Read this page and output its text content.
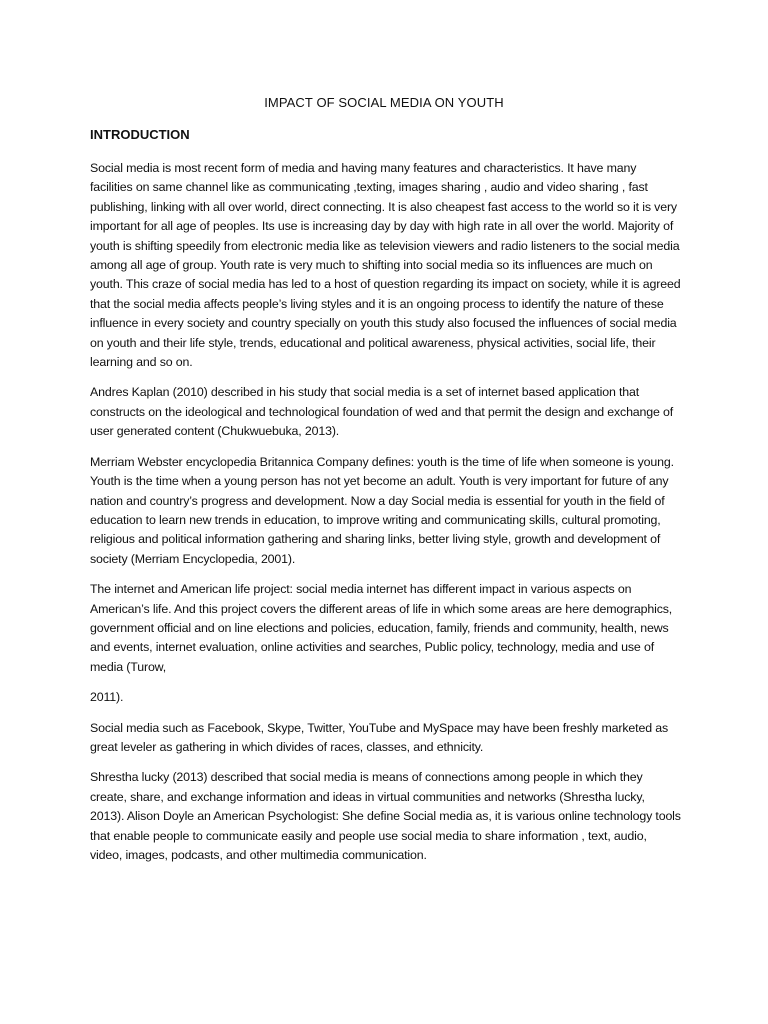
IMPACT OF SOCIAL MEDIA ON YOUTH
INTRODUCTION

Social media is most recent form of media and having many features and characteristics. It have many facilities on same channel like as communicating ,texting, images sharing , audio and video sharing , fast publishing, linking with all over world, direct connecting. It is also cheapest fast access to the world so it is very important for all age of peoples. Its use is increasing day by day with high rate in all over the world. Majority of youth is shifting speedily from electronic media like as television viewers and radio listeners to the social media among all age of group. Youth rate is very much to shifting into social media so its influences are much on youth. This craze of social media has led to a host of question regarding its impact on society, while it is agreed that the social media affects people’s living styles and it is an ongoing process to identify the nature of these influence in every society and country specially on youth this study also focused the influences of social media on youth and their life style, trends, educational and political awareness, physical activities, social life, their learning and so on.

Andres Kaplan (2010) described in his study that social media is a set of internet based application that constructs on the ideological and technological foundation of wed and that permit the design and exchange of user generated content (Chukwuebuka, 2013).

Merriam Webster encyclopedia Britannica Company defines: youth is the time of life when someone is young. Youth is the time when a young person has not yet become an adult. Youth is very important for future of any nation and country’s progress and development. Now a day Social media is essential for youth in the field of education to learn new trends in education, to improve writing and communicating skills, cultural promoting, religious and political information gathering and sharing links, better living style, growth and development of society (Merriam Encyclopedia, 2001).

The internet and American life project: social media internet has different impact in various aspects on American’s life. And this project covers the different areas of life in which some areas are here demographics, government official and on line elections and policies, education, family, friends and community, health, news and events, internet evaluation, online activities and searches, Public policy, technology, media and use of media (Turow,

2011).

Social media such as Facebook, Skype, Twitter, YouTube and MySpace may have been freshly marketed as great leveler as gathering in which divides of races, classes, and ethnicity.

Shrestha lucky (2013) described that social media is means of connections among people in which they create, share, and exchange information and ideas in virtual communities and networks (Shrestha lucky, 2013). Alison Doyle an American Psychologist: She define Social media as, it is various online technology tools that enable people to communicate easily and people use social media to share information , text, audio, video, images, podcasts, and other multimedia communication.
